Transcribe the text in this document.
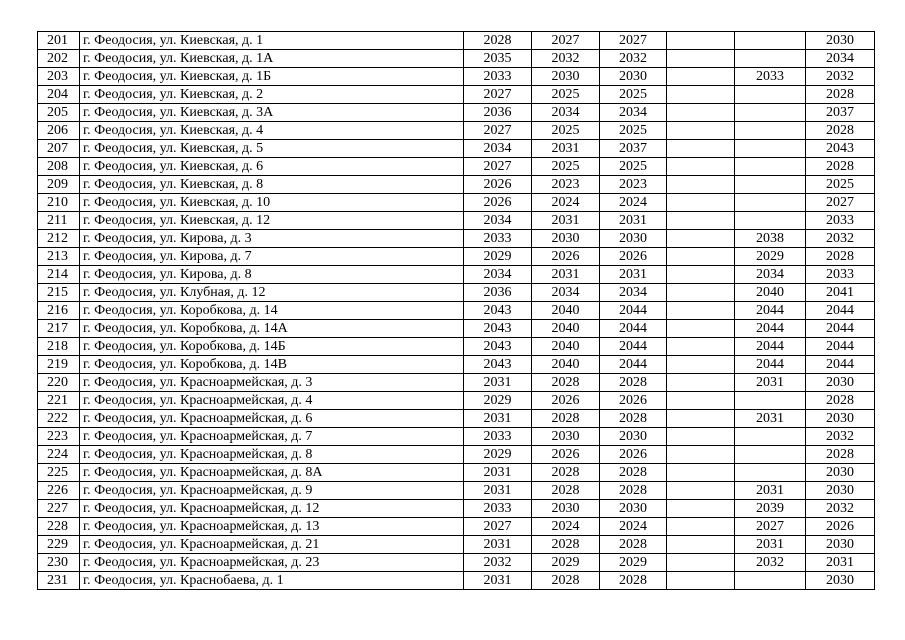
201	г. Феодосия, ул. Киевская, д. 1	2028	2027	2027			2030
202	г. Феодосия, ул. Киевская, д. 1А	2035	2032	2032			2034
203	г. Феодосия, ул. Киевская, д. 1Б	2033	2030	2030		2033	2032
204	г. Феодосия, ул. Киевская, д. 2	2027	2025	2025			2028
205	г. Феодосия, ул. Киевская, д. 3А	2036	2034	2034			2037
206	г. Феодосия, ул. Киевская, д. 4	2027	2025	2025			2028
207	г. Феодосия, ул. Киевская, д. 5	2034	2031	2037			2043
208	г. Феодосия, ул. Киевская, д. 6	2027	2025	2025			2028
209	г. Феодосия, ул. Киевская, д. 8	2026	2023	2023			2025
210	г. Феодосия, ул. Киевская, д. 10	2026	2024	2024			2027
211	г. Феодосия, ул. Киевская, д. 12	2034	2031	2031			2033
212	г. Феодосия, ул. Кирова, д. 3	2033	2030	2030		2038	2032
213	г. Феодосия, ул. Кирова, д. 7	2029	2026	2026		2029	2028
214	г. Феодосия, ул. Кирова, д. 8	2034	2031	2031		2034	2033
215	г. Феодосия, ул. Клубная, д. 12	2036	2034	2034		2040	2041
216	г. Феодосия, ул. Коробкова, д. 14	2043	2040	2044		2044	2044
217	г. Феодосия, ул. Коробкова, д. 14А	2043	2040	2044		2044	2044
218	г. Феодосия, ул. Коробкова, д. 14Б	2043	2040	2044		2044	2044
219	г. Феодосия, ул. Коробкова, д. 14В	2043	2040	2044		2044	2044
220	г. Феодосия, ул. Красноармейская, д. 3	2031	2028	2028		2031	2030
221	г. Феодосия, ул. Красноармейская, д. 4	2029	2026	2026			2028
222	г. Феодосия, ул. Красноармейская, д. 6	2031	2028	2028		2031	2030
223	г. Феодосия, ул. Красноармейская, д. 7	2033	2030	2030			2032
224	г. Феодосия, ул. Красноармейская, д. 8	2029	2026	2026			2028
225	г. Феодосия, ул. Красноармейская, д. 8А	2031	2028	2028			2030
226	г. Феодосия, ул. Красноармейская, д. 9	2031	2028	2028		2031	2030
227	г. Феодосия, ул. Красноармейская, д. 12	2033	2030	2030		2039	2032
228	г. Феодосия, ул. Красноармейская, д. 13	2027	2024	2024		2027	2026
229	г. Феодосия, ул. Красноармейская, д. 21	2031	2028	2028		2031	2030
230	г. Феодосия, ул. Красноармейская, д. 23	2032	2029	2029		2032	2031
231	г. Феодосия, ул. Краснобаева, д. 1	2031	2028	2028			2030
